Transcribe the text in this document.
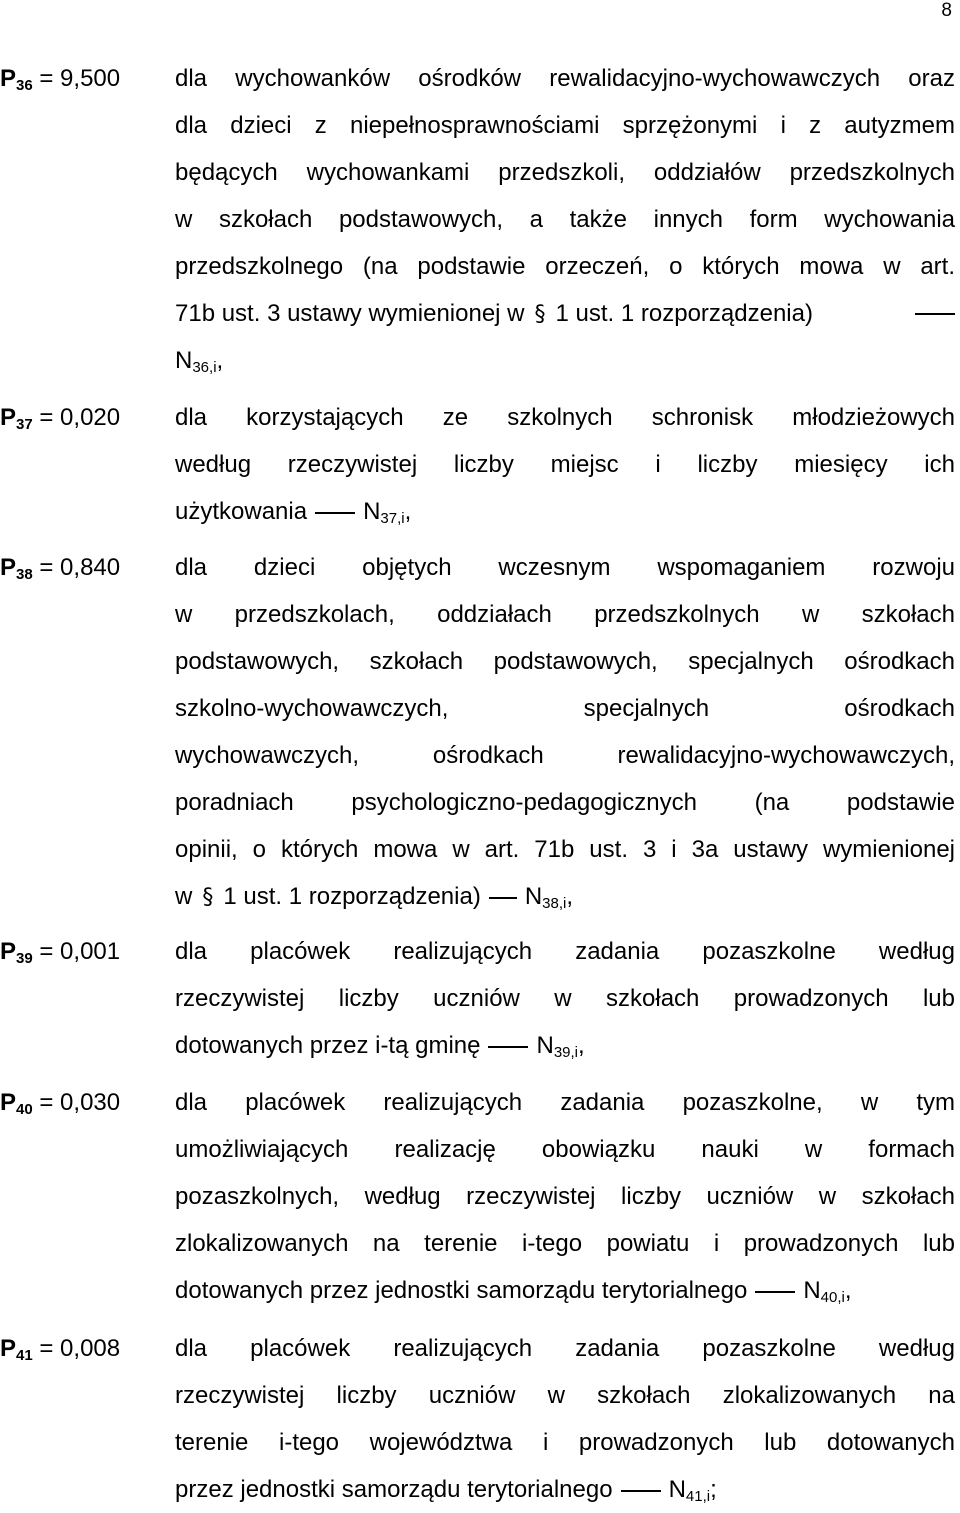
8
$P_{36} = 9,500$ dla wychowanków ośrodków rewalidacyjno-wychowawczych oraz
dla dzieci z niepełnosprawnościami sprzężonymi i z autyzmem
będących wychowankami przedszkoli, oddziałów przedszkolnych
w szkołach podstawowych, a także innych form wychowania
przedszkolnego (na podstawie orzeczeń, o których mowa w art.
71b ust. 3 ustawy wymienionej w § 1 ust. 1 rozporządzenia)
$N_{36,i}$,
$P_{37} = 0,020$ dla korzystających ze szkolnych schronisk młodzieżowych
według rzeczywistej liczby miejsc i liczby miesięcy ich
użytkowania $N_{37,i}$,
$P_{38} = 0,840$ dla dzieci objętych wczesnym wspomaganiem rozwoju
w przedszkolach, oddziałach przedszkolnych w szkołach
podstawowych, szkołach podstawowych, specjalnych ośrodkach
szkolno-wychowawczych, specjalnych ośrodkach
wychowawczych, ośrodkach rewalidacyjno-wychowawczych,
poradniach psychologiczno-pedagogicznych (na podstawie
opinii, o których mowa w art. 71b ust. 3 i 3a ustawy wymienionej
w § 1 ust. 1 rozporządzenia) $N_{38,i}$,
$P_{39} = 0,001$ dla placówek realizujących zadania pozaszkolne według
rzeczywistej liczby uczniów w szkołach prowadzonych lub
dotowanych przez i-tą gminę $N_{39,i}$,
$P_{40} = 0,030$ dla placówek realizujących zadania pozaszkolne, w tym
umożliwiających realizację obowiązku nauki w formach
pozaszkolnych, według rzeczywistej liczby uczniów w szkołach
zlokalizowanych na terenie i-tego powiatu i prowadzonych lub
dotowanych przez jednostki samorządu terytorialnego $N_{40,i}$,
$P_{41} = 0,008$ dla placówek realizujących zadania pozaszkolne według
rzeczywistej liczby uczniów w szkołach zlokalizowanych na
terenie i-tego województwa i prowadzonych lub dotowanych
przez jednostki samorządu terytorialnego $N_{41,i}$;
